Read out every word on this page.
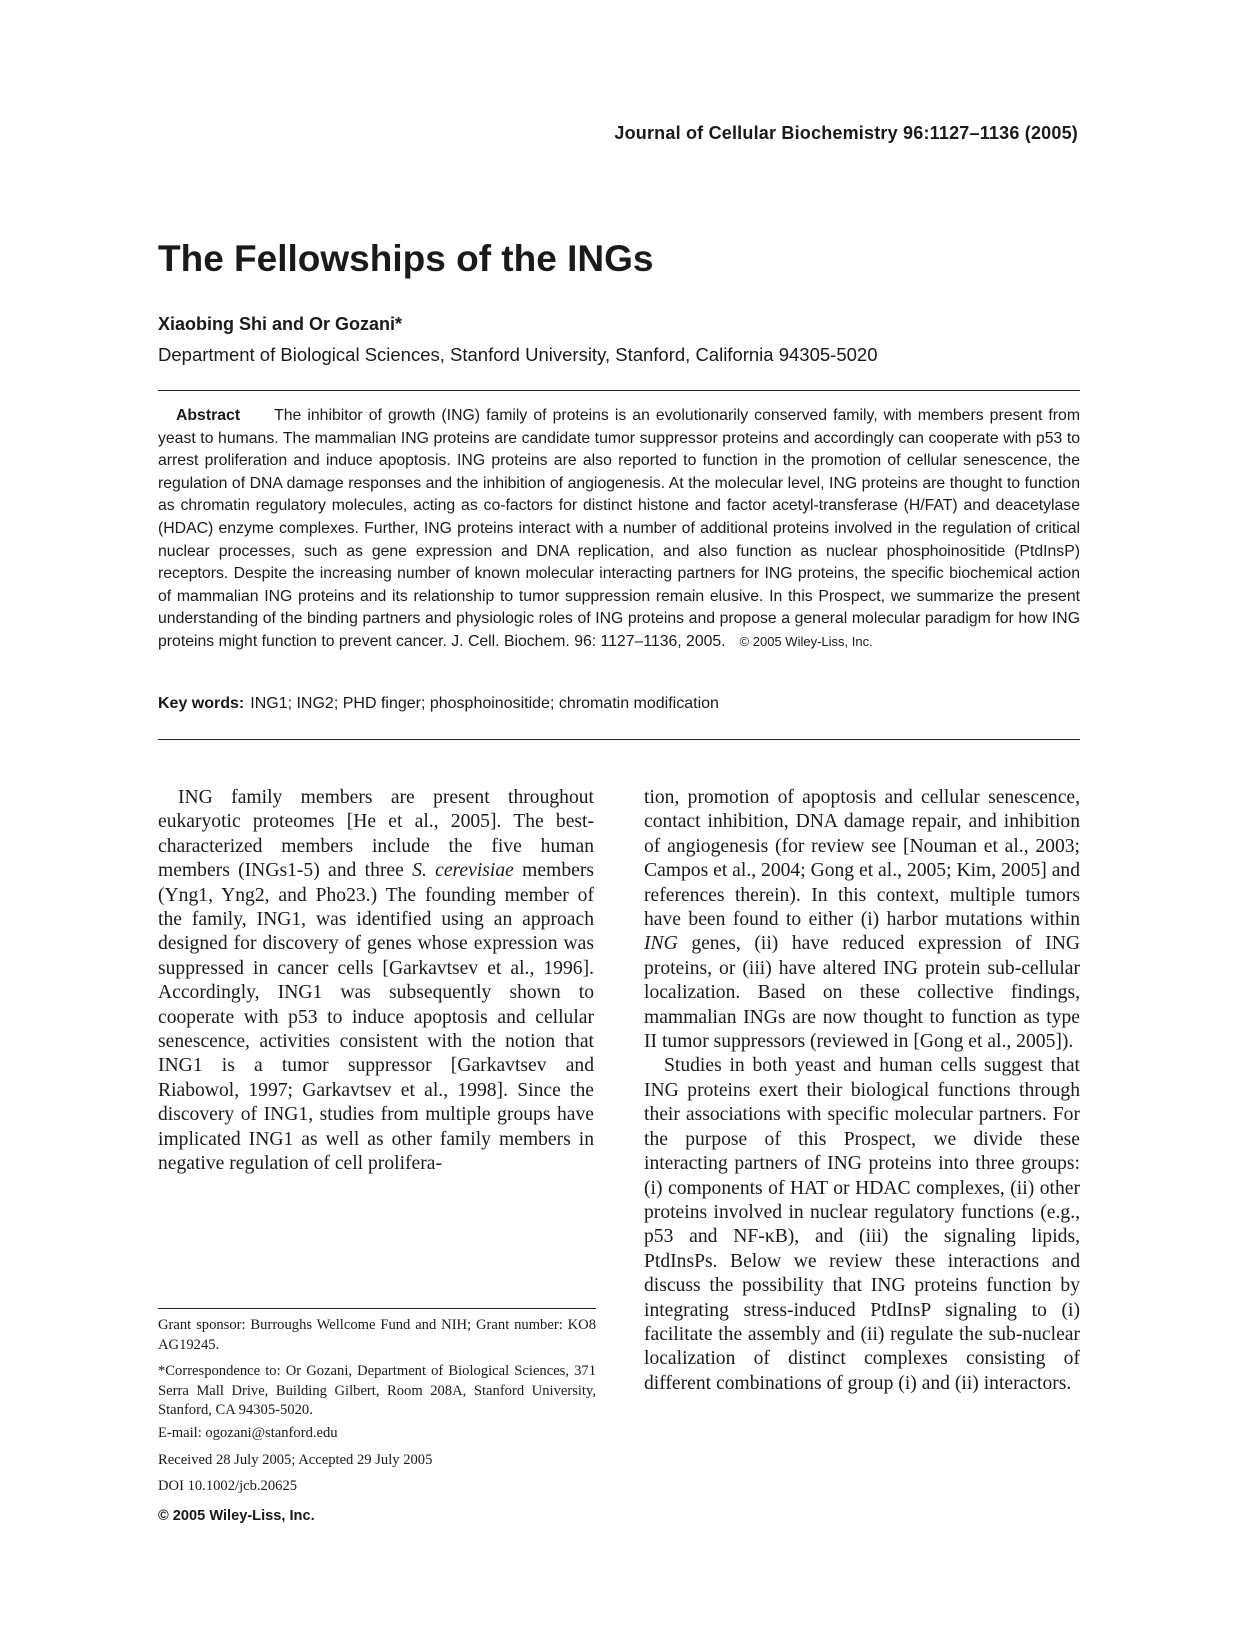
Journal of Cellular Biochemistry 96:1127–1136 (2005)
The Fellowships of the INGs
Xiaobing Shi and Or Gozani*
Department of Biological Sciences, Stanford University, Stanford, California 94305-5020
Abstract The inhibitor of growth (ING) family of proteins is an evolutionarily conserved family, with members present from yeast to humans. The mammalian ING proteins are candidate tumor suppressor proteins and accordingly can cooperate with p53 to arrest proliferation and induce apoptosis. ING proteins are also reported to function in the promotion of cellular senescence, the regulation of DNA damage responses and the inhibition of angiogenesis. At the molecular level, ING proteins are thought to function as chromatin regulatory molecules, acting as co-factors for distinct histone and factor acetyl-transferase (H/FAT) and deacetylase (HDAC) enzyme complexes. Further, ING proteins interact with a number of additional proteins involved in the regulation of critical nuclear processes, such as gene expression and DNA replication, and also function as nuclear phosphoinositide (PtdInsP) receptors. Despite the increasing number of known molecular interacting partners for ING proteins, the specific biochemical action of mammalian ING proteins and its relationship to tumor suppression remain elusive. In this Prospect, we summarize the present understanding of the binding partners and physiologic roles of ING proteins and propose a general molecular paradigm for how ING proteins might function to prevent cancer. J. Cell. Biochem. 96: 1127–1136, 2005. © 2005 Wiley-Liss, Inc.
Key words: ING1; ING2; PHD finger; phosphoinositide; chromatin modification

ING family members are present throughout eukaryotic proteomes [He et al., 2005]. The best-characterized members include the five human members (INGs1-5) and three S. cerevisiae members (Yng1, Yng2, and Pho23.) The founding member of the family, ING1, was identified using an approach designed for discovery of genes whose expression was suppressed in cancer cells [Garkavtsev et al., 1996]. Accordingly, ING1 was subsequently shown to cooperate with p53 to induce apoptosis and cellular senescence, activities consistent with the notion that ING1 is a tumor suppressor [Garkavtsev and Riabowol, 1997; Garkavtsev et al., 1998]. Since the discovery of ING1, studies from multiple groups have implicated ING1 as well as other family members in negative regulation of cell prolifera-

Grant sponsor: Burroughs Wellcome Fund and NIH; Grant number: KO8 AG19245.

*Correspondence to: Or Gozani, Department of Biological Sciences, 371 Serra Mall Drive, Building Gilbert, Room 208A, Stanford University, Stanford, CA 94305-5020.

E-mail: ogozani@stanford.edu

Received 28 July 2005; Accepted 29 July 2005

DOI 10.1002/jcb.20625

© 2005 Wiley-Liss, Inc.

tion, promotion of apoptosis and cellular senescence, contact inhibition, DNA damage repair, and inhibition of angiogenesis (for review see [Nouman et al., 2003; Campos et al., 2004; Gong et al., 2005; Kim, 2005] and references therein). In this context, multiple tumors have been found to either (i) harbor mutations within ING genes, (ii) have reduced expression of ING proteins, or (iii) have altered ING protein sub-cellular localization. Based on these collective findings, mammalian INGs are now thought to function as type II tumor suppressors (reviewed in [Gong et al., 2005]).

Studies in both yeast and human cells suggest that ING proteins exert their biological functions through their associations with specific molecular partners. For the purpose of this Prospect, we divide these interacting partners of ING proteins into three groups: (i) components of HAT or HDAC complexes, (ii) other proteins involved in nuclear regulatory functions (e.g., p53 and NF-κB), and (iii) the signaling lipids, PtdInsPs. Below we review these interactions and discuss the possibility that ING proteins function by integrating stress-induced PtdInsP signaling to (i) facilitate the assembly and (ii) regulate the sub-nuclear localization of distinct complexes consisting of different combinations of group (i) and (ii) interactors.
